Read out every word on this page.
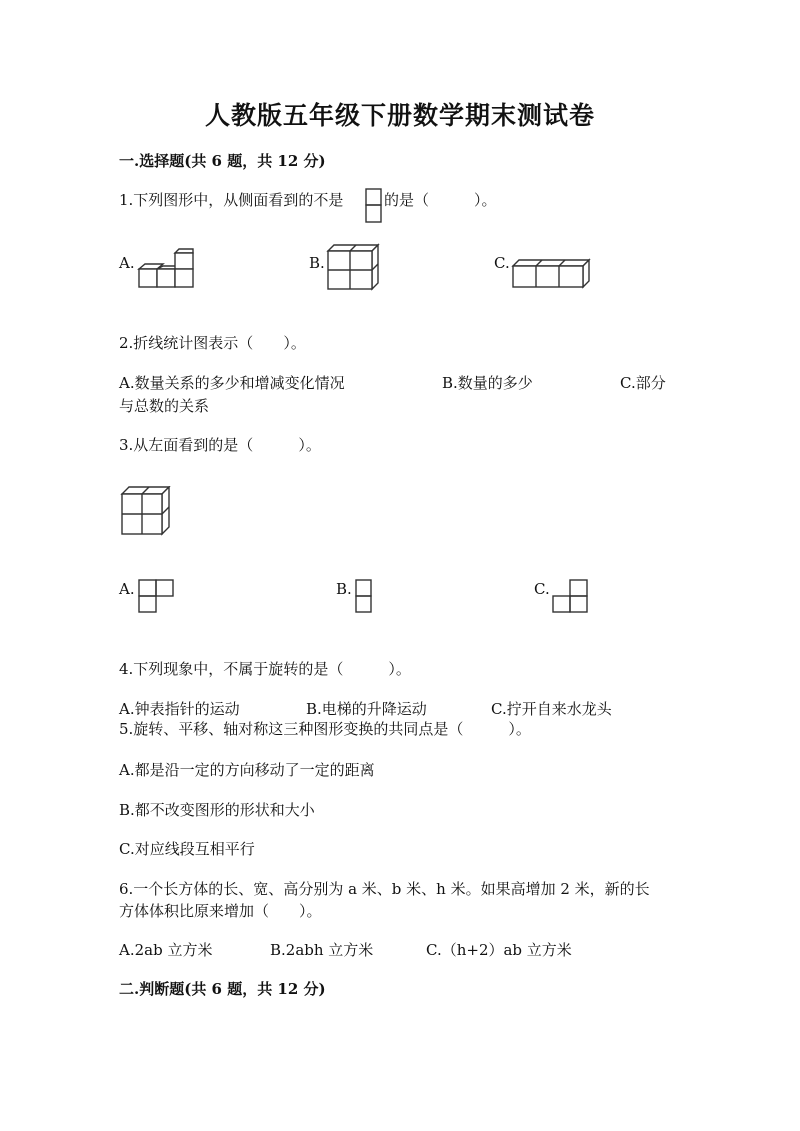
人教版五年级下册数学期末测试卷
一.选择题(共 6 题，共 12 分)
1.下列图形中，从侧面看到的不是	的是（　　　）。
A.	B.	C.
2.折线统计图表示（　　）。
A.数量关系的多少和增减变化情况	B.数量的多少	C.部分
与总数的关系
3.从左面看到的是（　　　）。
A.	B.	C.
4.下列现象中，不属于旋转的是（　　　）。
A.钟表指针的运动	B.电梯的升降运动	C.拧开自来水龙头
5.旋转、平移、轴对称这三种图形变换的共同点是（　　　）。
A.都是沿一定的方向移动了一定的距离
B.都不改变图形的形状和大小
C.对应线段互相平行
6.一个长方体的长、宽、高分别为 a 米、b 米、h 米。如果高增加 2 米，新的长
方体体积比原来增加（　　）。
A.2ab 立方米	B.2abh 立方米	C.（h+2）ab 立方米
二.判断题(共 6 题，共 12 分)
